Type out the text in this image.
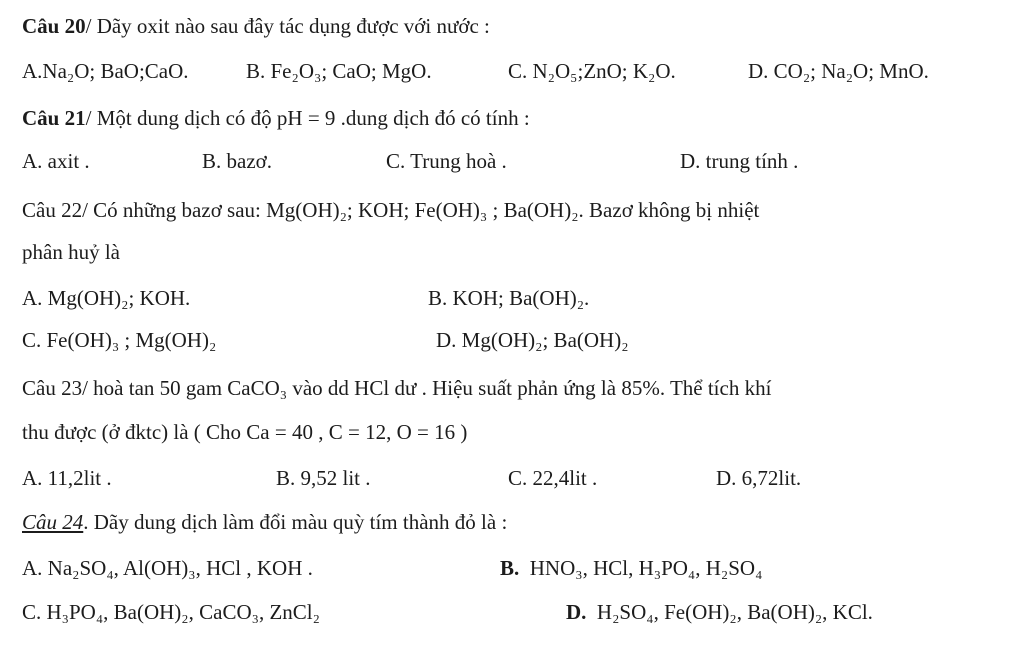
Câu 20/ Dãy oxit nào sau đây tác dụng được với nước :
A.Na₂O; BaO;CaO.	B. Fe₂O₃; CaO; MgO.	C. N₂O₅;ZnO; K₂O.	D. CO₂; Na₂O; MnO.
Câu 21/ Một dung dịch có độ pH = 9 .dung dịch đó có tính :
A. axit .	B. bazơ.	C. Trung hoà .	D. trung tính .
Câu 22/ Có những bazơ sau: Mg(OH)₂; KOH; Fe(OH)₃ ; Ba(OH)₂. Bazơ không bị nhiệt
phân huỷ là
A. Mg(OH)₂; KOH.	B. KOH; Ba(OH)₂.
C. Fe(OH)₃ ; Mg(OH)₂	D. Mg(OH)₂; Ba(OH)₂
Câu 23/ hoà tan 50 gam CaCO₃ vào dd HCl dư . Hiệu suất phản ứng là 85%. Thể tích khí
thu được (ở đktc) là ( Cho Ca = 40 , C = 12, O = 16 )
A. 11,2lit .	B. 9,52 lit .	C. 22,4lit .	D. 6,72lit.
Câu 24. Dãy dung dịch làm đổi màu quỳ tím thành đỏ là :
A. Na₂SO₄, Al(OH)₃, HCl , KOH .	B. HNO₃, HCl, H₃PO₄, H₂SO₄
C. H₃PO₄, Ba(OH)₂, CaCO₃, ZnCl₂	D. H₂SO₄, Fe(OH)₂, Ba(OH)₂, KCl.
